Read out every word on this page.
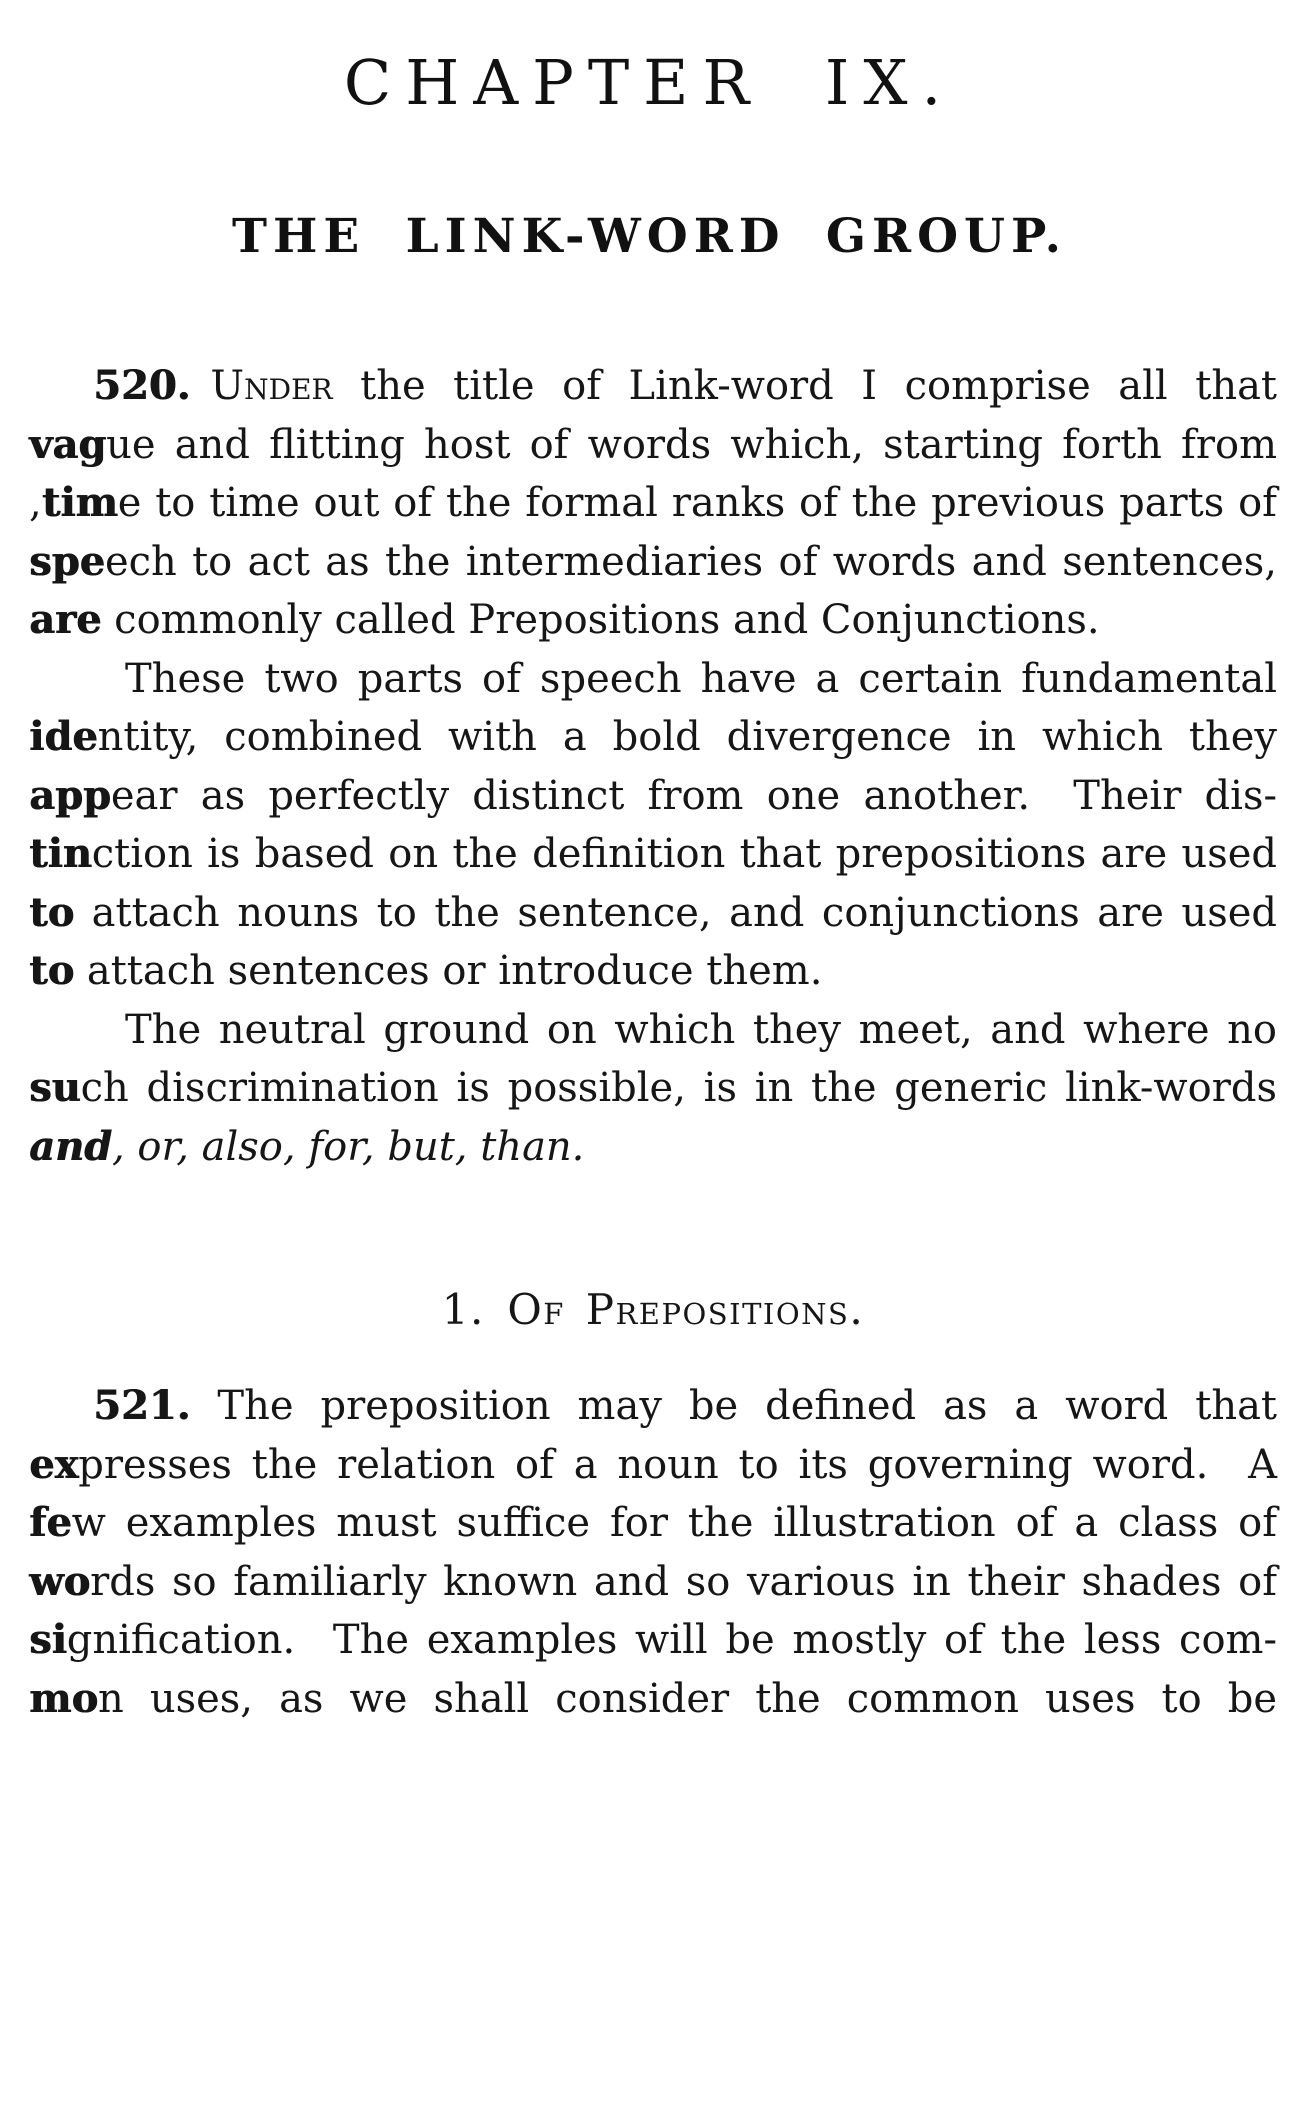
CHAPTER IX.
THE LINK-WORD GROUP.
520. Under the title of Link-word I comprise all that
vague and flitting host of words which, starting forth from
,time to time out of the formal ranks of the previous parts of
speech to act as the intermediaries of words and sentences,
are commonly called Prepositions and Conjunctions.
These two parts of speech have a certain fundamental
identity, combined with a bold divergence in which they
appear as perfectly distinct from one another.  Their dis-
tinction is based on the definition that prepositions are used
to attach nouns to the sentence, and conjunctions are used
to attach sentences or introduce them.
The neutral ground on which they meet, and where no
such discrimination is possible, is in the generic link-words
and, or, also, for, but, than.
1. Of Prepositions.
521. The preposition may be defined as a word that
expresses the relation of a noun to its governing word.  A
few examples must suffice for the illustration of a class of
words so familiarly known and so various in their shades of
signification.  The examples will be mostly of the less com-
mon uses, as we shall consider the common uses to be
